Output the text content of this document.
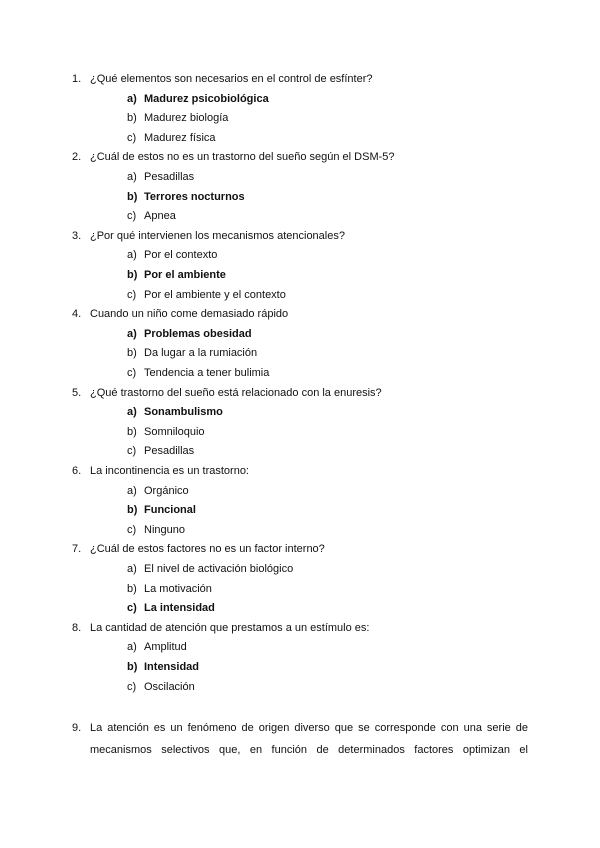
1. ¿Qué elementos son necesarios en el control de esfínter?
a) Madurez psicobiológica
b) Madurez biología
c) Madurez física
2. ¿Cuál de estos no es un trastorno del sueño según el DSM-5?
a) Pesadillas
b) Terrores nocturnos
c) Apnea
3. ¿Por qué intervienen los mecanismos atencionales?
a) Por el contexto
b) Por el ambiente
c) Por el ambiente y el contexto
4. Cuando un niño come demasiado rápido
a) Problemas obesidad
b) Da lugar a la rumiación
c) Tendencia a tener bulimia
5. ¿Qué trastorno del sueño está relacionado con la enuresis?
a) Sonambulismo
b) Somniloquio
c) Pesadillas
6. La incontinencia es un trastorno:
a) Orgánico
b) Funcional
c) Ninguno
7. ¿Cuál de estos factores no es un factor interno?
a) El nivel de activación biológico
b) La motivación
c) La intensidad
8. La cantidad de atención que prestamos a un estímulo es:
a) Amplitud
b) Intensidad
c) Oscilación
9. La atención es un fenómeno de origen diverso que se corresponde con una serie de
mecanismos selectivos que, en función de determinados factores optimizan el
